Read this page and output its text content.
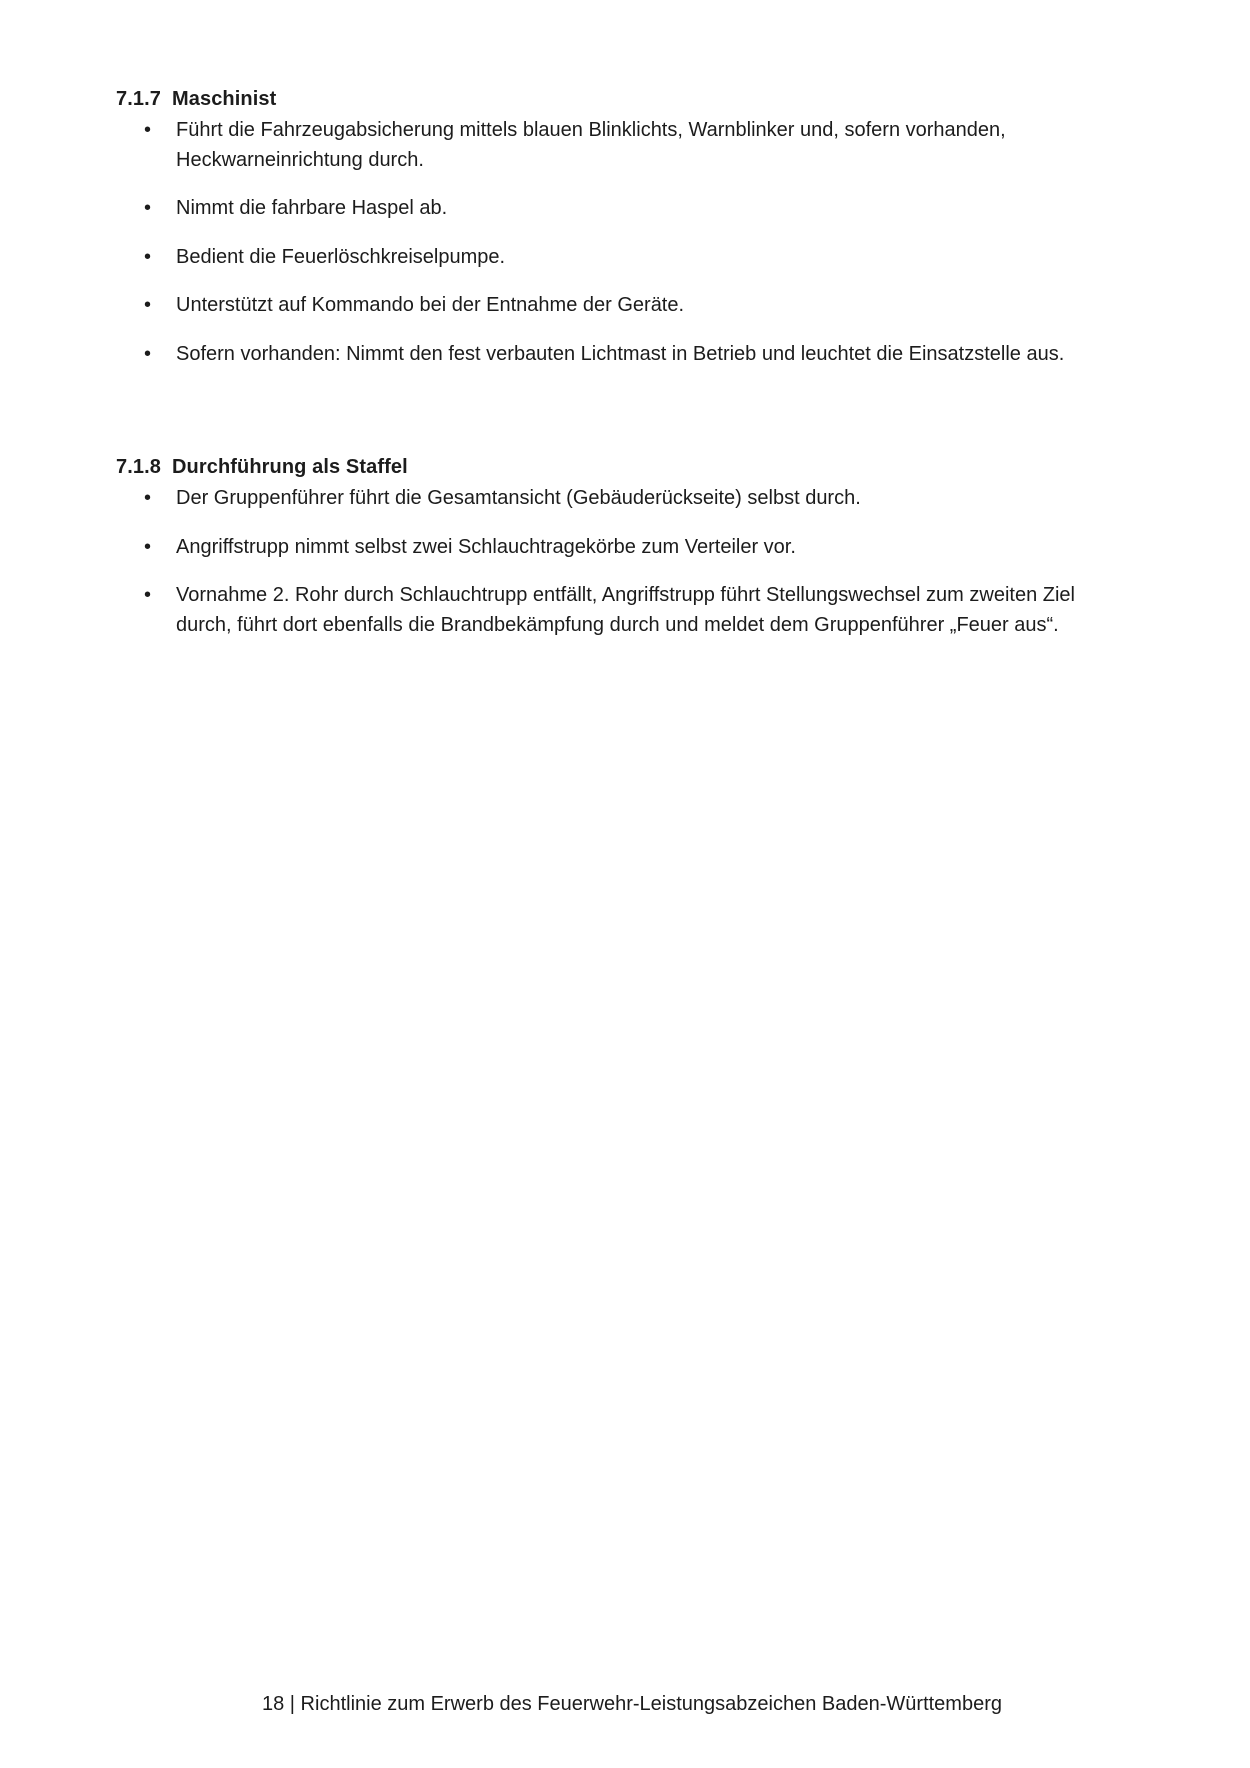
7.1.7 Maschinist
• Führt die Fahrzeugabsicherung mittels blauen Blinklichts, Warnblinker und, sofern vorhanden, Heckwarneinrichtung durch.
• Nimmt die fahrbare Haspel ab.
• Bedient die Feuerlöschkreiselpumpe.
• Unterstützt auf Kommando bei der Entnahme der Geräte.
• Sofern vorhanden: Nimmt den fest verbauten Lichtmast in Betrieb und leuchtet die Einsatzstelle aus.
7.1.8 Durchführung als Staffel
• Der Gruppenführer führt die Gesamtansicht (Gebäuderückseite) selbst durch.
• Angriffstrupp nimmt selbst zwei Schlauchtragekörbe zum Verteiler vor.
• Vornahme 2. Rohr durch Schlauchtrupp entfällt, Angriffstrupp führt Stellungswechsel zum zweiten Ziel durch, führt dort ebenfalls die Brandbekämpfung durch und meldet dem Gruppenführer „Feuer aus“.
18 | Richtlinie zum Erwerb des Feuerwehr-Leistungsabzeichen Baden-Württemberg
